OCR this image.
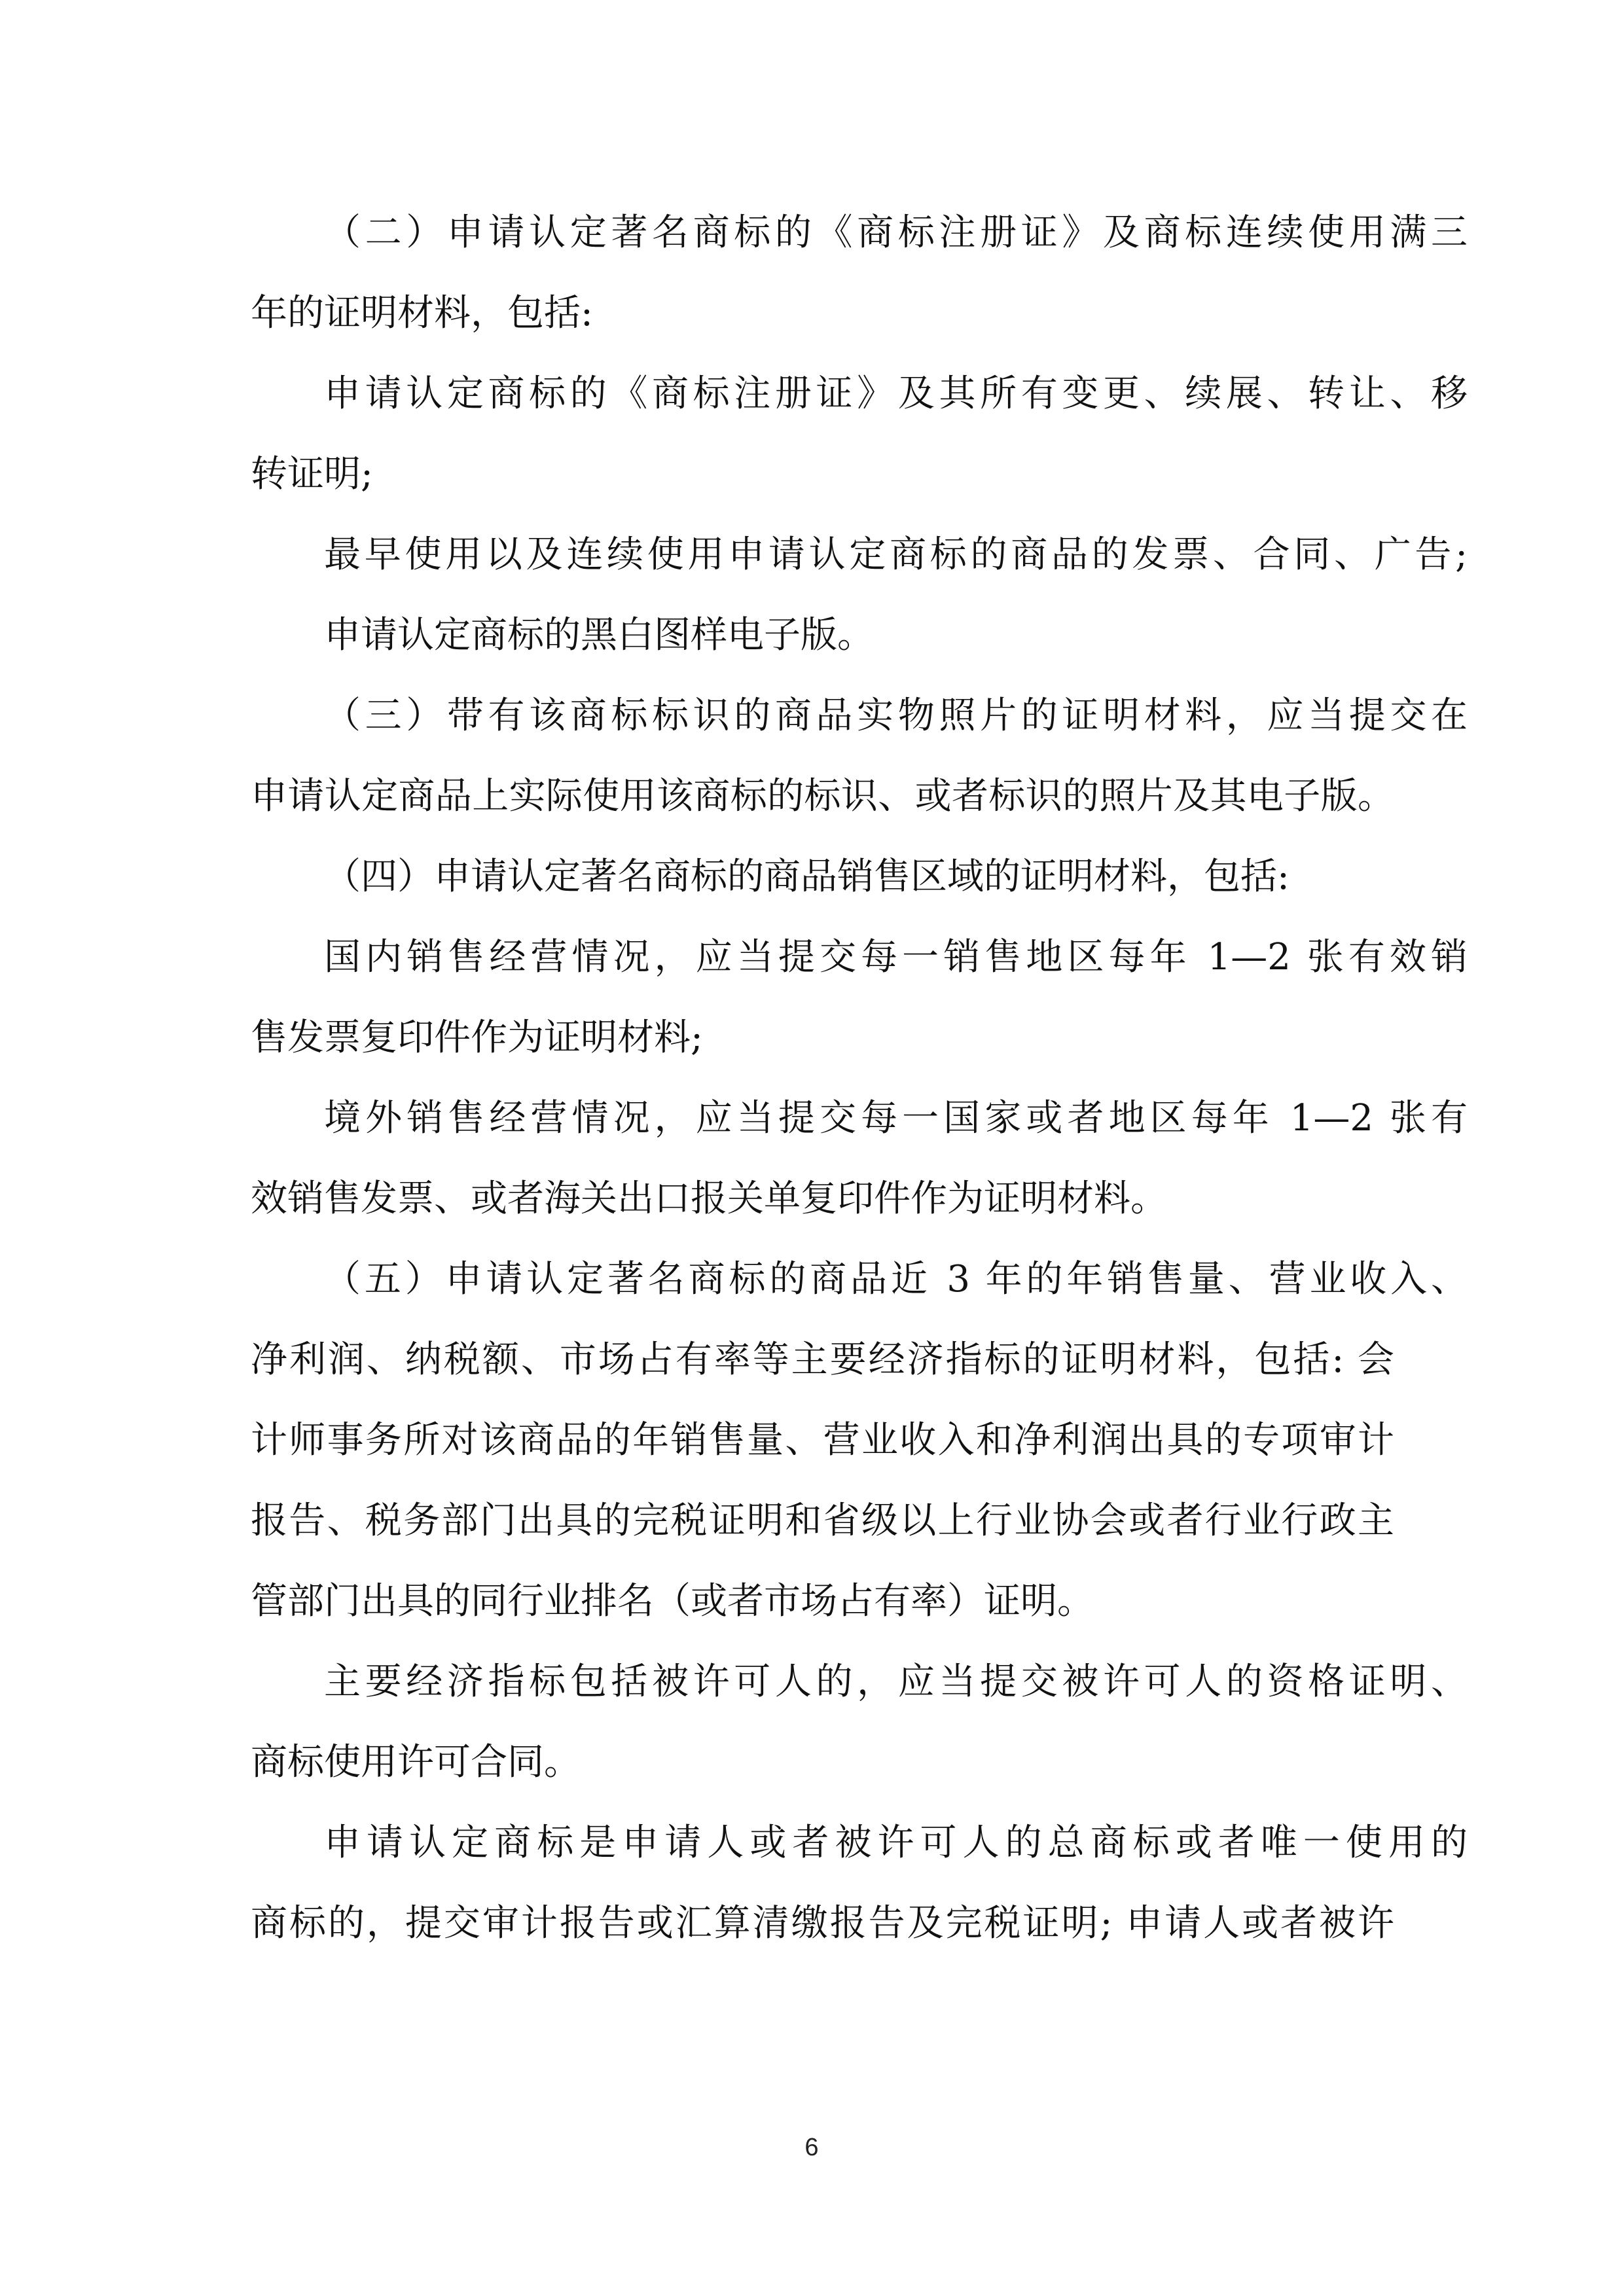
（二）申请认定著名商标的《商标注册证》及商标连续使用满三
年的证明材料，包括:
申请认定商标的《商标注册证》及其所有变更、续展、转让、移
转证明;
最早使用以及连续使用申请认定商标的商品的发票、合同、广告;
申请认定商标的黑白图样电子版。
（三）带有该商标标识的商品实物照片的证明材料，应当提交在
申请认定商品上实际使用该商标的标识、或者标识的照片及其电子版。
（四）申请认定著名商标的商品销售区域的证明材料，包括:
国内销售经营情况，应当提交每一销售地区每年 1—2 张有效销
售发票复印件作为证明材料;
境外销售经营情况，应当提交每一国家或者地区每年 1—2 张有
效销售发票、或者海关出口报关单复印件作为证明材料。
（五）申请认定著名商标的商品近 3 年的年销售量、营业收入、
净利润、纳税额、市场占有率等主要经济指标的证明材料，包括: 会
计师事务所对该商品的年销售量、营业收入和净利润出具的专项审计
报告、税务部门出具的完税证明和省级以上行业协会或者行业行政主
管部门出具的同行业排名（或者市场占有率）证明。
主要经济指标包括被许可人的，应当提交被许可人的资格证明、
商标使用许可合同。
申请认定商标是申请人或者被许可人的总商标或者唯一使用的
商标的，提交审计报告或汇算清缴报告及完税证明; 申请人或者被许
6
